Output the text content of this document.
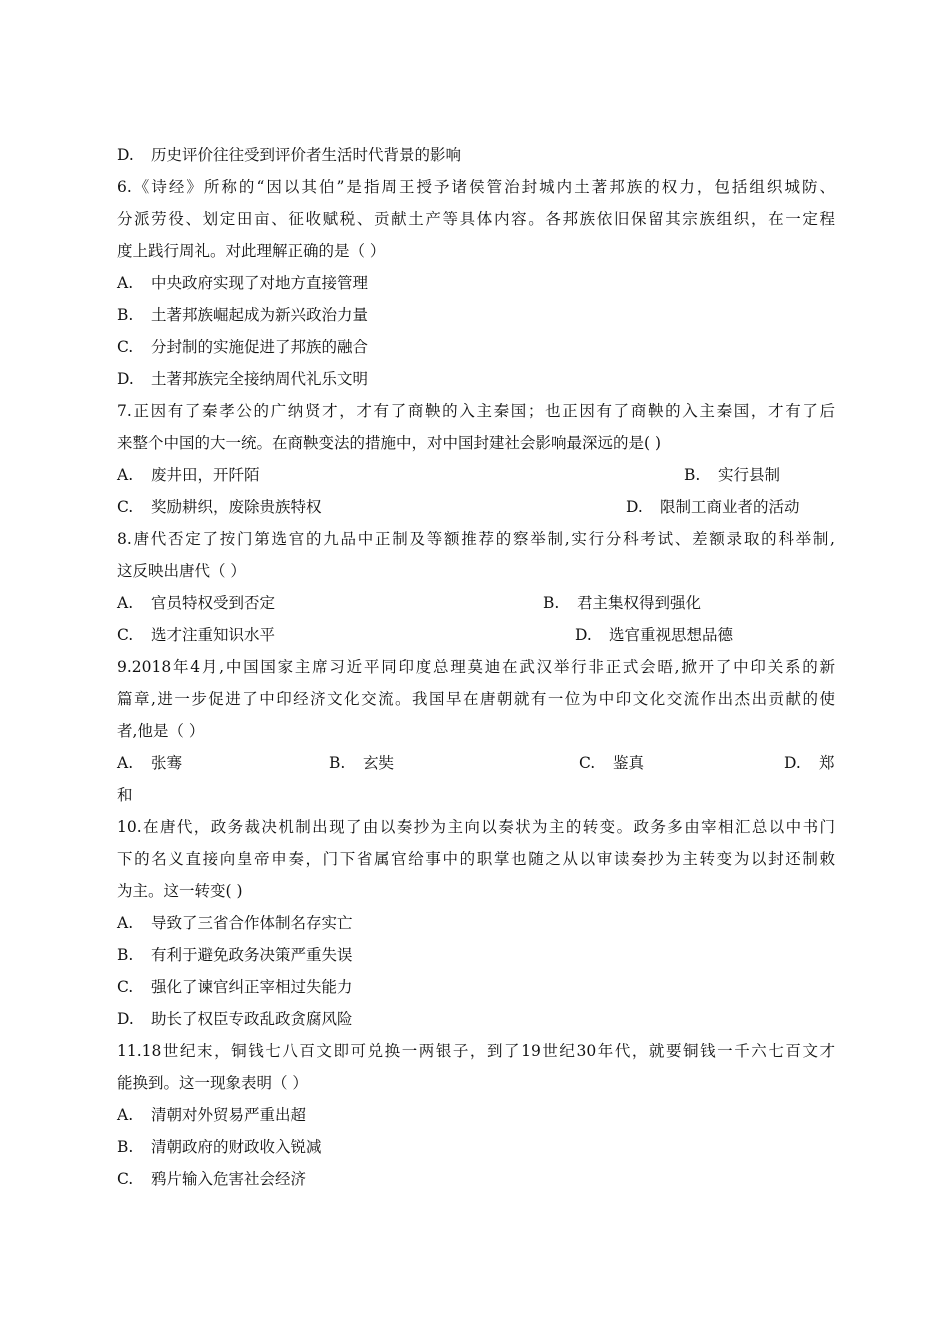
D. 历史评价往往受到评价者生活时代背景的影响
6.《诗经》所称的“因以其伯”是指周王授予诸侯管治封城内土著邦族的权力，包括组织城防、
分派劳役、划定田亩、征收赋税、贡献土产等具体内容。各邦族依旧保留其宗族组织，在一定程
度上践行周礼。对此理解正确的是（ ）
A. 中央政府实现了对地方直接管理
B. 土著邦族崛起成为新兴政治力量
C. 分封制的实施促进了邦族的融合
D. 土著邦族完全接纳周代礼乐文明
7.正因有了秦孝公的广纳贤才，才有了商鞅的入主秦国；也正因有了商鞅的入主秦国，才有了后
来整个中国的大一统。在商鞅变法的措施中，对中国封建社会影响最深远的是( )
A. 废井田，开阡陌	B. 实行县制
C. 奖励耕织，废除贵族特权	D. 限制工商业者的活动
8.唐代否定了按门第选官的九品中正制及等额推荐的察举制,实行分科考试、差额录取的科举制,
这反映出唐代（ ）
A. 官员特权受到否定	B. 君主集权得到强化
C. 选才注重知识水平	D. 选官重视思想品德
9.2018年4月,中国国家主席习近平同印度总理莫迪在武汉举行非正式会晤,掀开了中印关系的新
篇章,进一步促进了中印经济文化交流。我国早在唐朝就有一位为中印文化交流作出杰出贡献的使
者,他是（ ）
A. 张骞	B. 玄奘	C. 鉴真	D. 郑
和
10.在唐代，政务裁决机制出现了由以奏抄为主向以奏状为主的转变。政务多由宰相汇总以中书门
下的名义直接向皇帝申奏，门下省属官给事中的职掌也随之从以审读奏抄为主转变为以封还制敕
为主。这一转变( )
A. 导致了三省合作体制名存实亡
B. 有利于避免政务决策严重失误
C. 强化了谏官纠正宰相过失能力
D. 助长了权臣专政乱政贪腐风险
11.18世纪末，铜钱七八百文即可兑换一两银子，到了19世纪30年代，就要铜钱一千六七百文才
能换到。这一现象表明（ ）
A. 清朝对外贸易严重出超
B. 清朝政府的财政收入锐减
C. 鸦片输入危害社会经济
